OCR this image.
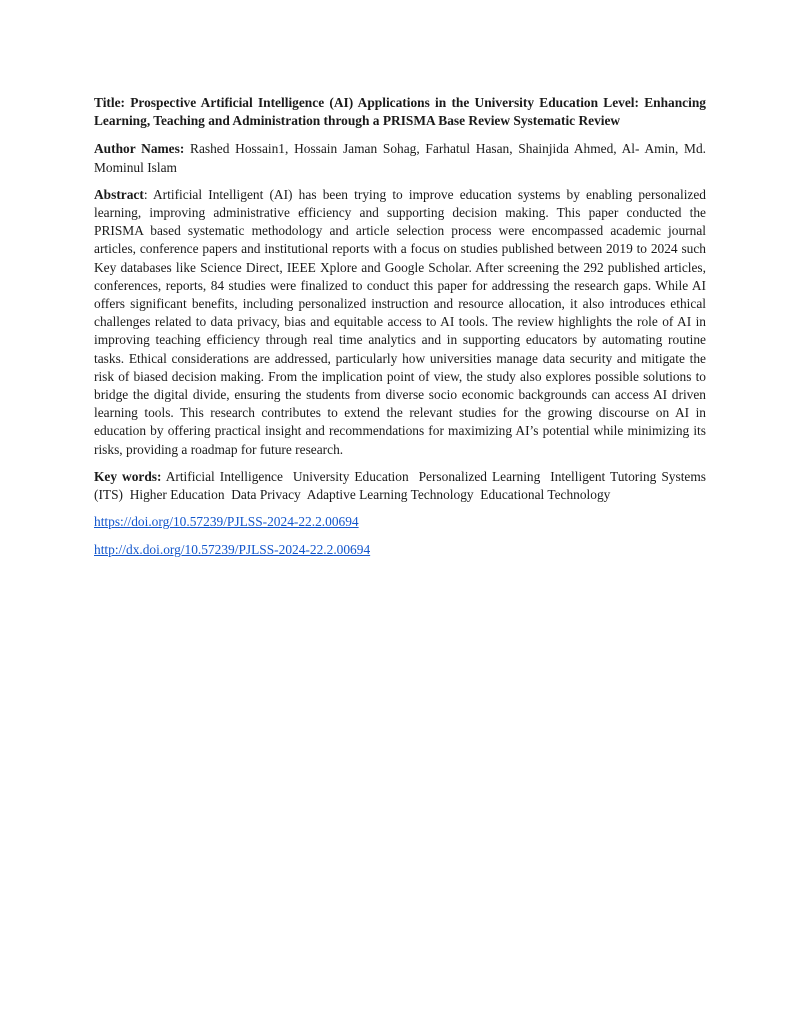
Title: Prospective Artificial Intelligence (AI) Applications in the University Education Level: Enhancing Learning, Teaching and Administration through a PRISMA Base Review Systematic Review

Author Names: Rashed Hossain1, Hossain Jaman Sohag, Farhatul Hasan, Shainjida Ahmed, Al- Amin, Md. Mominul Islam

Abstract: Artificial Intelligent (AI) has been trying to improve education systems by enabling personalized learning, improving administrative efficiency and supporting decision making. This paper conducted the PRISMA based systematic methodology and article selection process were encompassed academic journal articles, conference papers and institutional reports with a focus on studies published between 2019 to 2024 such Key databases like Science Direct, IEEE Xplore and Google Scholar. After screening the 292 published articles, conferences, reports, 84 studies were finalized to conduct this paper for addressing the research gaps. While AI offers significant benefits, including personalized instruction and resource allocation, it also introduces ethical challenges related to data privacy, bias and equitable access to AI tools. The review highlights the role of AI in improving teaching efficiency through real time analytics and in supporting educators by automating routine tasks. Ethical considerations are addressed, particularly how universities manage data security and mitigate the risk of biased decision making. From the implication point of view, the study also explores possible solutions to bridge the digital divide, ensuring the students from diverse socio economic backgrounds can access AI driven learning tools. This research contributes to extend the relevant studies for the growing discourse on AI in education by offering practical insight and recommendations for maximizing AI’s potential while minimizing its risks, providing a roadmap for future research.

Key words: Artificial Intelligence  University Education  Personalized Learning  Intelligent Tutoring Systems (ITS)  Higher Education  Data Privacy  Adaptive Learning Technology  Educational Technology

https://doi.org/10.57239/PJLSS-2024-22.2.00694
http://dx.doi.org/10.57239/PJLSS-2024-22.2.00694
